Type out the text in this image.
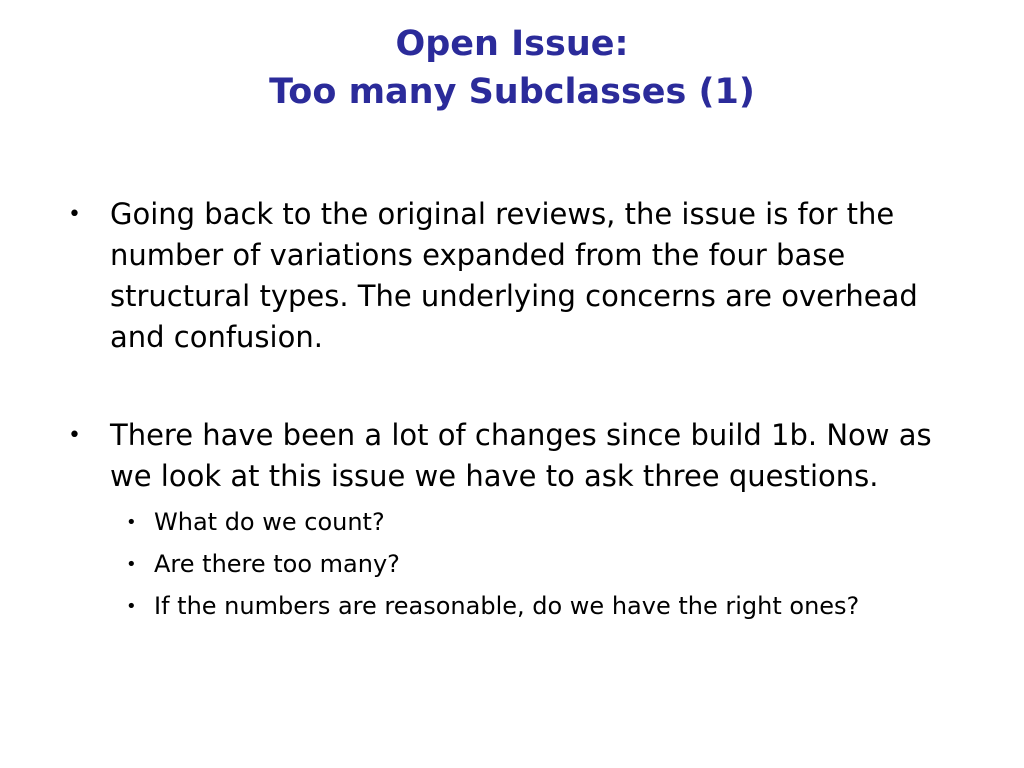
Open Issue:
Too many Subclasses (1)
•	Going back to the original reviews, the issue is for the number of variations expanded from the four base structural types. The underlying concerns are overhead and confusion.
•	There have been a lot of changes since build 1b. Now as we look at this issue we have to ask three questions.
• What do we count?
• Are there too many?
• If the numbers are reasonable, do we have the right ones?
